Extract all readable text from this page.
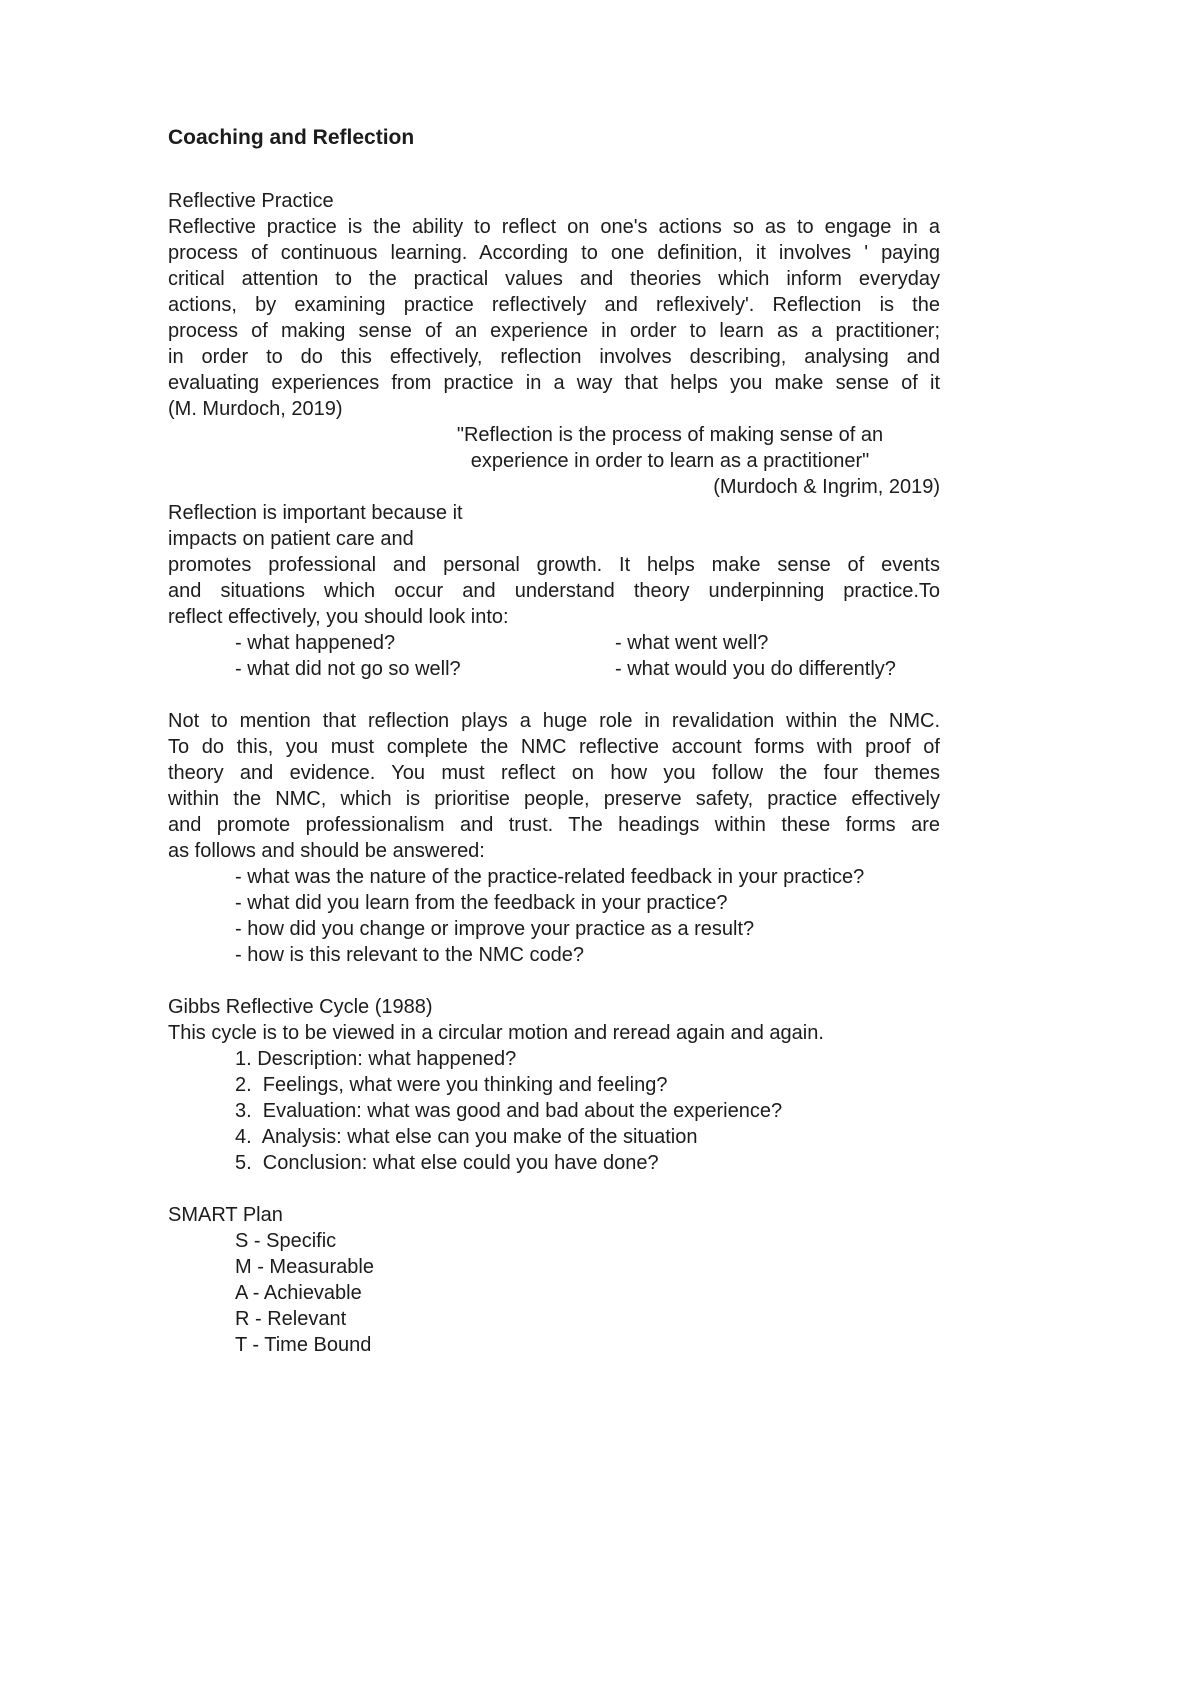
Coaching and Reflection
Reflective Practice
Reflective practice is the ability to reflect on one's actions so as to engage in a
process of continuous learning. According to one definition, it involves ' paying
critical attention to the practical values and theories which inform everyday
actions, by examining practice reflectively and reflexively'. Reflection is the
process of making sense of an experience in order to learn as a practitioner;
in order to do this effectively, reflection involves describing, analysing and
evaluating experiences from practice in a way that helps you make sense of it
(M. Murdoch, 2019)
"Reflection is the process of making sense of an
experience in order to learn as a practitioner"
(Murdoch & Ingrim, 2019)
Reflection is important because it
impacts on patient care and
promotes professional and personal growth. It helps make sense of events
and situations which occur and understand theory underpinning practice.To
reflect effectively, you should look into:
- what happened?	- what went well?
- what did not go so well?	- what would you do differently?
Not to mention that reflection plays a huge role in revalidation within the NMC.
To do this, you must complete the NMC reflective account forms with proof of
theory and evidence. You must reflect on how you follow the four themes
within the NMC, which is prioritise people, preserve safety, practice effectively
and promote professionalism and trust. The headings within these forms are
as follows and should be answered:
- what was the nature of the practice-related feedback in your practice?
- what did you learn from the feedback in your practice?
- how did you change or improve your practice as a result?
- how is this relevant to the NMC code?
Gibbs Reflective Cycle (1988)
This cycle is to be viewed in a circular motion and reread again and again.
1. Description: what happened?
2.  Feelings, what were you thinking and feeling?
3.  Evaluation: what was good and bad about the experience?
4.  Analysis: what else can you make of the situation
5.  Conclusion: what else could you have done?
SMART Plan
S - Specific
M - Measurable
A - Achievable
R - Relevant
T - Time Bound
